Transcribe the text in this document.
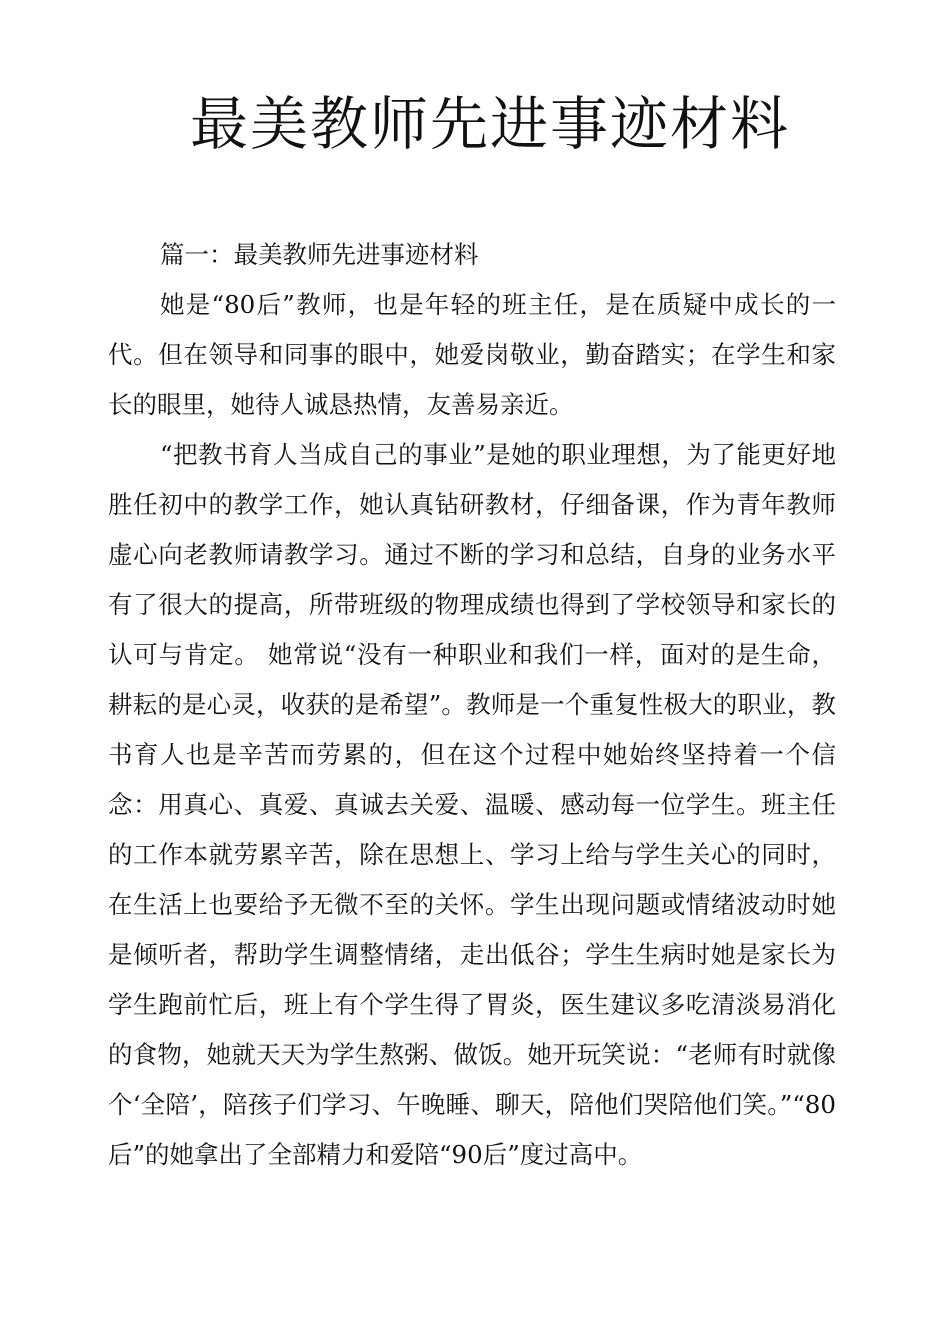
最美教师先进事迹材料

篇一：最美教师先进事迹材料

她是“80后”教师，也是年轻的班主任，是在质疑中成长的一代。但在领导和同事的眼中，她爱岗敬业，勤奋踏实；在学生和家长的眼里，她待人诚恳热情，友善易亲近。

“把教书育人当成自己的事业”是她的职业理想，为了能更好地胜任初中的教学工作，她认真钻研教材，仔细备课，作为青年教师虚心向老教师请教学习。通过不断的学习和总结，自身的业务水平有了很大的提高，所带班级的物理成绩也得到了学校领导和家长的认可与肯定。 她常说“没有一种职业和我们一样，面对的是生命，耕耘的是心灵，收获的是希望”。教师是一个重复性极大的职业，教书育人也是辛苦而劳累的，但在这个过程中她始终坚持着一个信念：用真心、真爱、真诚去关爱、温暖、感动每一位学生。班主任的工作本就劳累辛苦，除在思想上、学习上给与学生关心的同时，在生活上也要给予无微不至的关怀。学生出现问题或情绪波动时她是倾听者，帮助学生调整情绪，走出低谷；学生生病时她是家长为学生跑前忙后，班上有个学生得了胃炎，医生建议多吃清淡易消化的食物，她就天天为学生熬粥、做饭。她开玩笑说：“老师有时就像个‘全陪’，陪孩子们学习、午晚睡、聊天，陪他们哭陪他们笑。”“80后”的她拿出了全部精力和爱陪“90后”度过高中。
